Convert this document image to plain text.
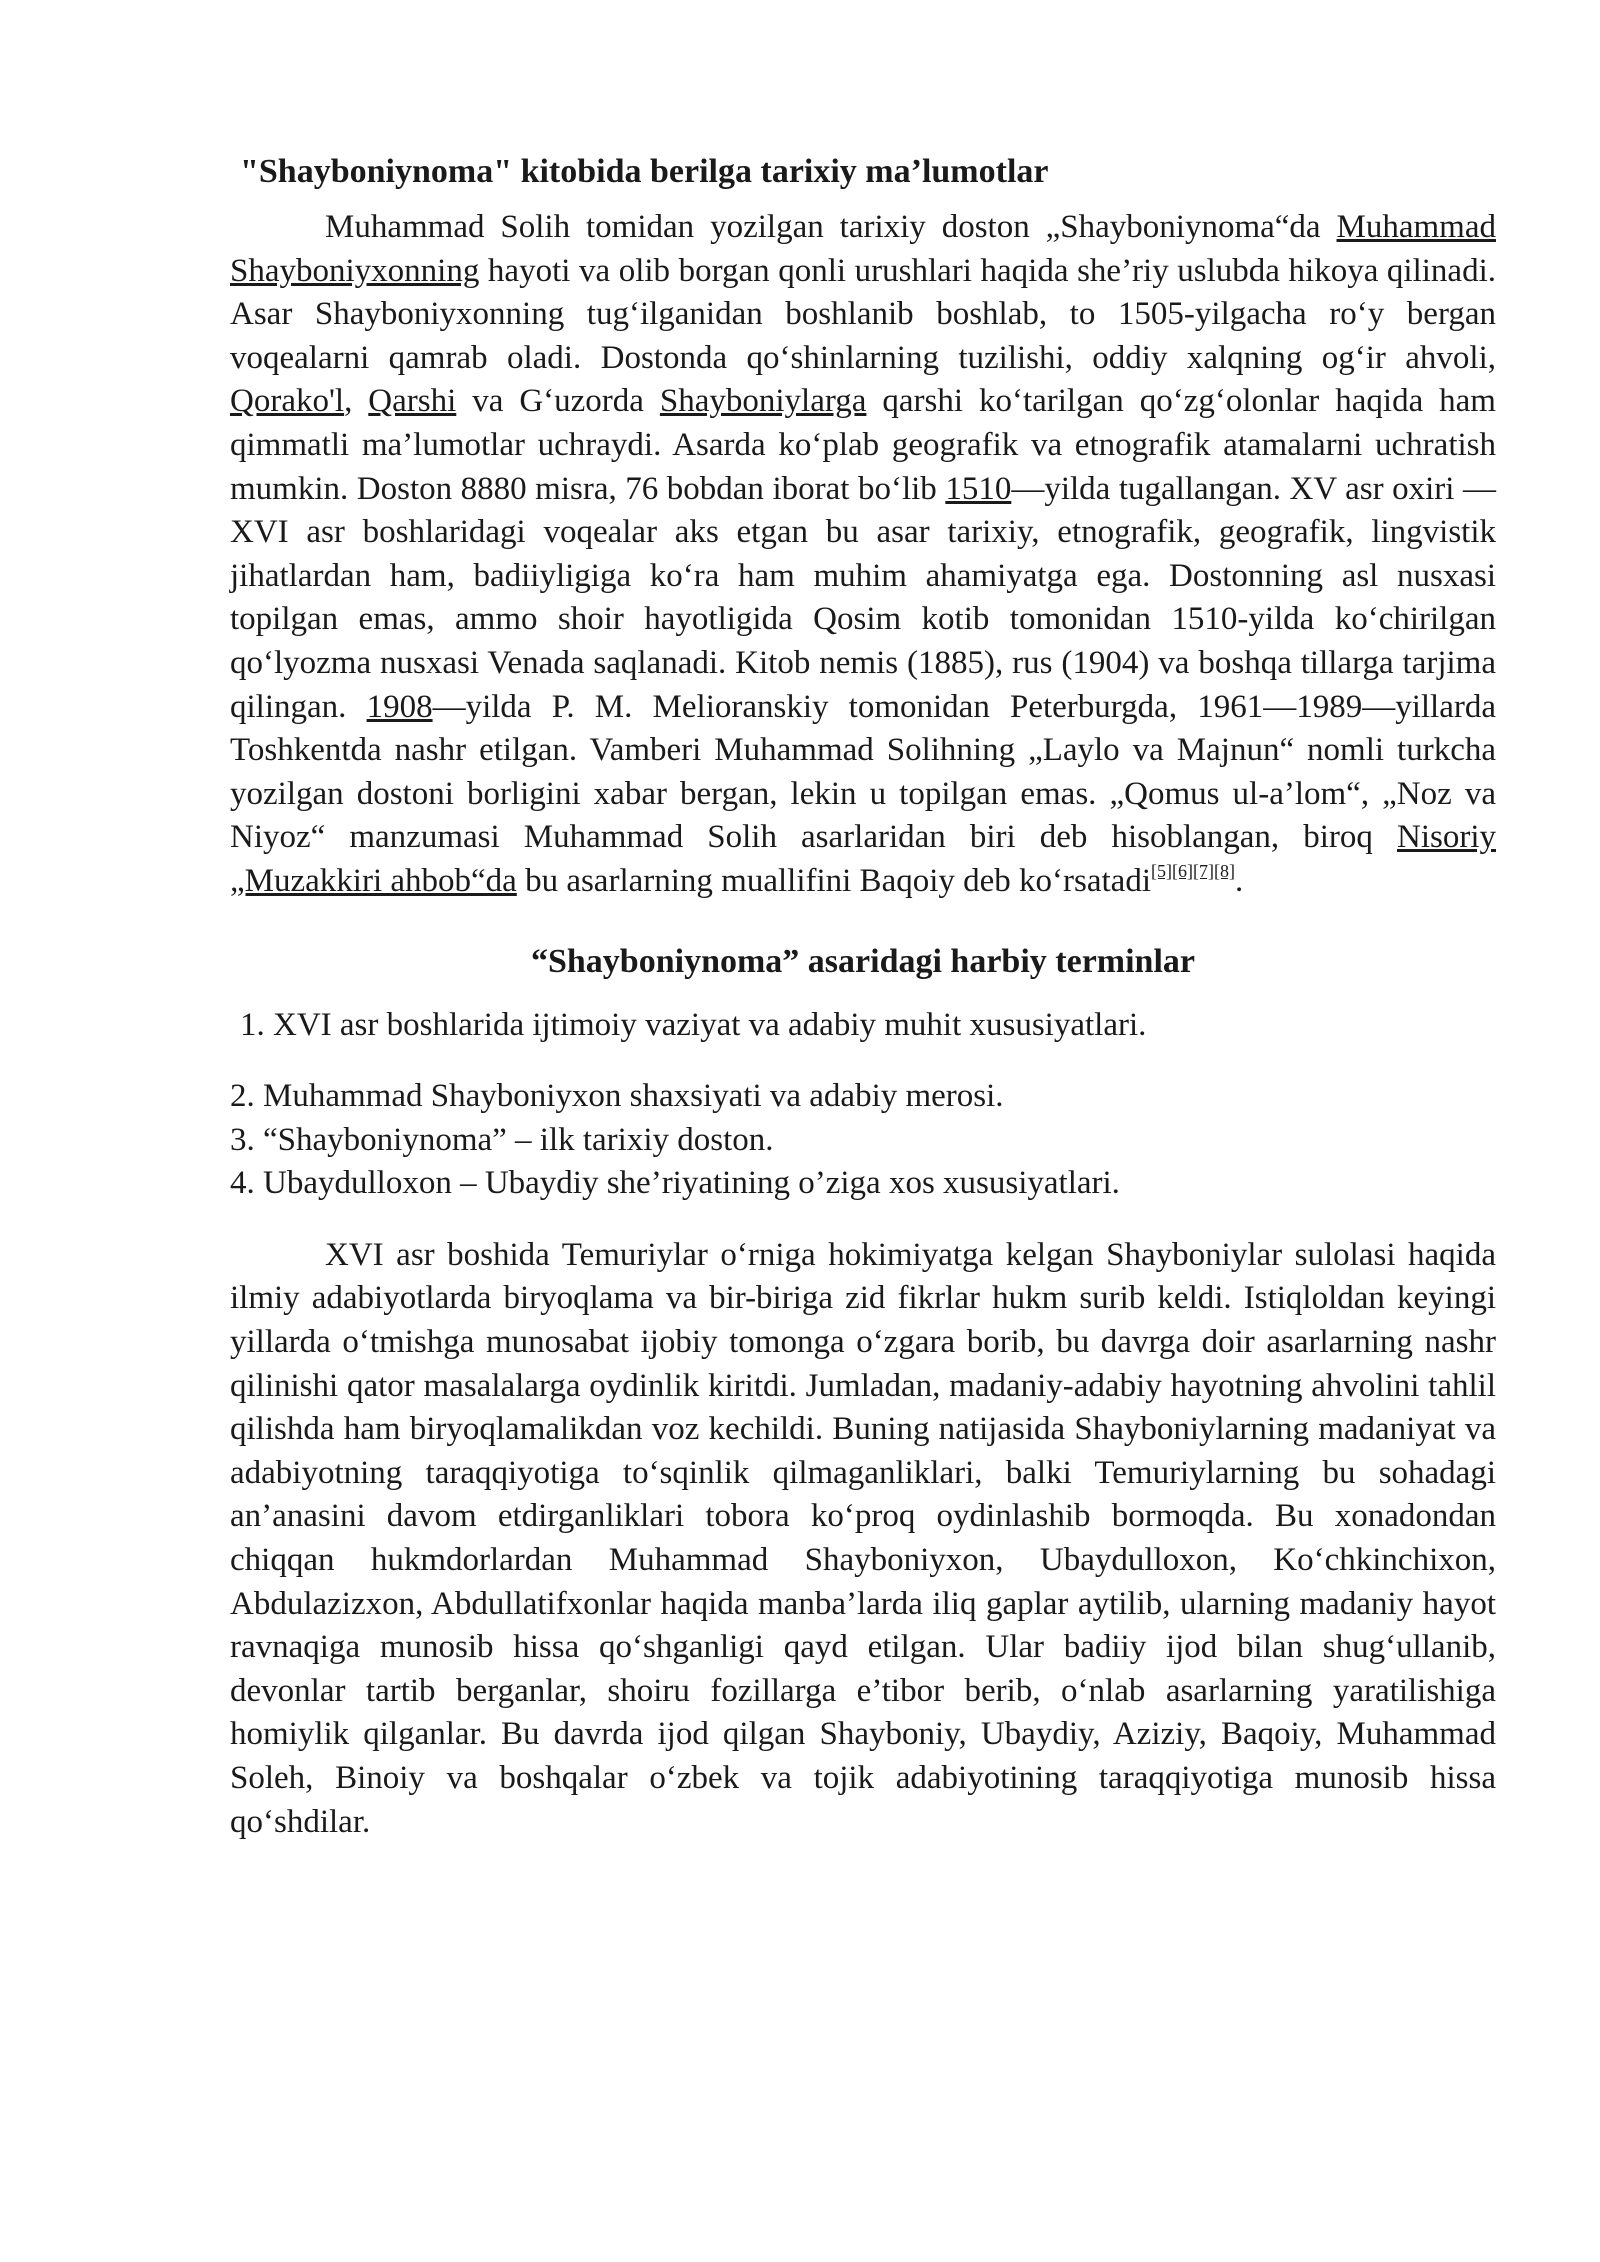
"Shayboniynoma" kitobida berilga tarixiy ma’lumotlar

Muhammad Solih tomidan yozilgan tarixiy doston „Shayboniynoma“da Muhammad Shayboniyxonning hayoti va olib borgan qonli urushlari haqida she’riy uslubda hikoya qilinadi. Asar Shayboniyxonning tug‘ilganidan boshlanib boshlab, to 1505-yilgacha ro‘y bergan voqealarni qamrab oladi. Dostonda qo‘shinlarning tuzilishi, oddiy xalqning og‘ir ahvoli, Qorako'l, Qarshi va G‘uzorda Shayboniylarga qarshi ko‘tarilgan qo‘zg‘olonlar haqida ham qimmatli ma’lumotlar uchraydi. Asarda ko‘plab geografik va etnografik atamalarni uchratish mumkin. Doston 8880 misra, 76 bobdan iborat bo‘lib 1510—yilda tugallangan. XV asr oxiri — XVI asr boshlaridagi voqealar aks etgan bu asar tarixiy, etnografik, geografik, lingvistik jihatlardan ham, badiiyligiga ko‘ra ham muhim ahamiyatga ega. Dostonning asl nusxasi topilgan emas, ammo shoir hayotligida Qosim kotib tomonidan 1510-yilda ko‘chirilgan qo‘lyozma nusxasi Venada saqlanadi. Kitob nemis (1885), rus (1904) va boshqa tillarga tarjima qilingan. 1908—yilda P. M. Melioranskiy tomonidan Peterburgda, 1961—1989—yillarda Toshkentda nashr etilgan. Vamberi Muhammad Solihning „Laylo va Majnun“ nomli turkcha yozilgan dostoni borligini xabar bergan, lekin u topilgan emas. „Qomus ul-a’lom“, „Noz va Niyoz“ manzumasi Muhammad Solih asarlaridan biri deb hisoblangan, biroq Nisoriy „Muzakkiri ahbob“da bu asarlarning muallifini Baqoiy deb ko‘rsatadi[5][6][7][8].

“Shayboniynoma” asaridagi harbiy terminlar
1. XVI asr boshlarida ijtimoiy vaziyat va adabiy muhit xususiyatlari.
2. Muhammad Shayboniyxon shaxsiyati va adabiy merosi.
3. “Shayboniynoma” – ilk tarixiy doston.
4. Ubaydulloxon – Ubaydiy she’riyatining o’ziga xos xususiyatlari.

XVI asr boshida Temuriylar o‘rniga hokimiyatga kelgan Shayboniylar sulolasi haqida ilmiy adabiyotlarda biryoqlama va bir-biriga zid fikrlar hukm surib keldi. Istiqloldan keyingi yillarda o‘tmishga munosabat ijobiy tomonga o‘zgara borib, bu davrga doir asarlarning nashr qilinishi qator masalalarga oydinlik kiritdi. Jumladan, madaniy-adabiy hayotning ahvolini tahlil qilishda ham biryoqlamalikdan voz kechildi. Buning natijasida Shayboniylarning madaniyat va adabiyotning taraqqiyotiga to‘sqinlik qilmaganliklari, balki Temuriylarning bu sohadagi an’anasini davom etdirganliklari tobora ko‘proq oydinlashib bormoqda. Bu xonadondan chiqqan hukmdorlardan Muhammad Shayboniyxon, Ubaydulloxon, Ko‘chkinchixon, Abdulazizxon, Abdullatifxonlar haqida manba’larda iliq gaplar aytilib, ularning madaniy hayot ravnaqiga munosib hissa qo‘shganligi qayd etilgan. Ular badiiy ijod bilan shug‘ullanib, devonlar tartib berganlar, shoiru fozillarga e’tibor berib, o‘nlab asarlarning yaratilishiga homiylik qilganlar. Bu davrda ijod qilgan Shayboniy, Ubaydiy, Aziziy, Baqoiy, Muhammad Soleh, Binoiy va boshqalar o‘zbek va tojik adabiyotining taraqqiyotiga munosib hissa qo‘shdilar.
